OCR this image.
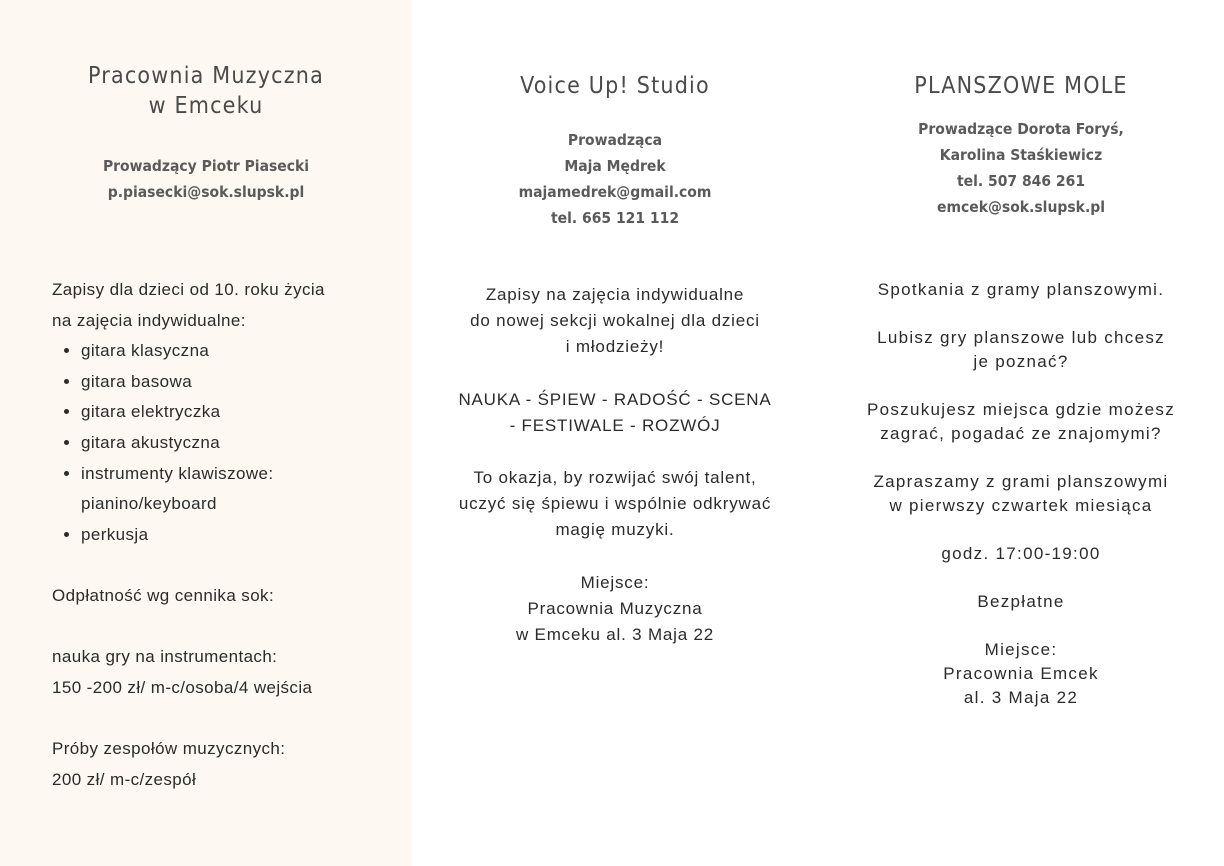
Pracownia Muzyczna
w Emceku
Prowadzący Piotr Piasecki
p.piasecki@sok.slupsk.pl

Zapisy dla dzieci od 10. roku życia

na zajęcia indywidualne:

• gitara klasyczna
• gitara basowa
• gitara elektryczka
• gitara akustyczna
• instrumenty klawiszowe:
pianino/keyboard
• perkusja

Odpłatność wg cennika sok:

nauka gry na instrumentach:

150 -200 zł/ m-c/osoba/4 wejścia

Próby zespołów muzycznych:

200 zł/ m-c/zespół

Voice Up! Studio
Prowadząca
Maja Mędrek
majamedrek@gmail.com
tel. 665 121 112
Zapisy na zajęcia indywidualne
do nowej sekcji wokalnej dla dzieci
i młodzieży!
NAUKA - ŚPIEW - RADOŚĆ - SCENA
- FESTIWALE - ROZWÓJ
To okazja, by rozwijać swój talent,
uczyć się śpiewu i wspólnie odkrywać
magię muzyki.
Miejsce:
Pracownia Muzyczna
w Emceku al. 3 Maja 22
PLANSZOWE MOLE
Prowadzące Dorota Foryś,
Karolina Staśkiewicz
tel. 507 846 261
emcek@sok.slupsk.pl
Spotkania z gramy planszowymi.
Lubisz gry planszowe lub chcesz
je poznać?
Poszukujesz miejsca gdzie możesz
zagrać, pogadać ze znajomymi?
Zapraszamy z grami planszowymi
w pierwszy czwartek miesiąca
godz. 17:00-19:00
Bezpłatne
Miejsce:
Pracownia Emcek
al. 3 Maja 22
